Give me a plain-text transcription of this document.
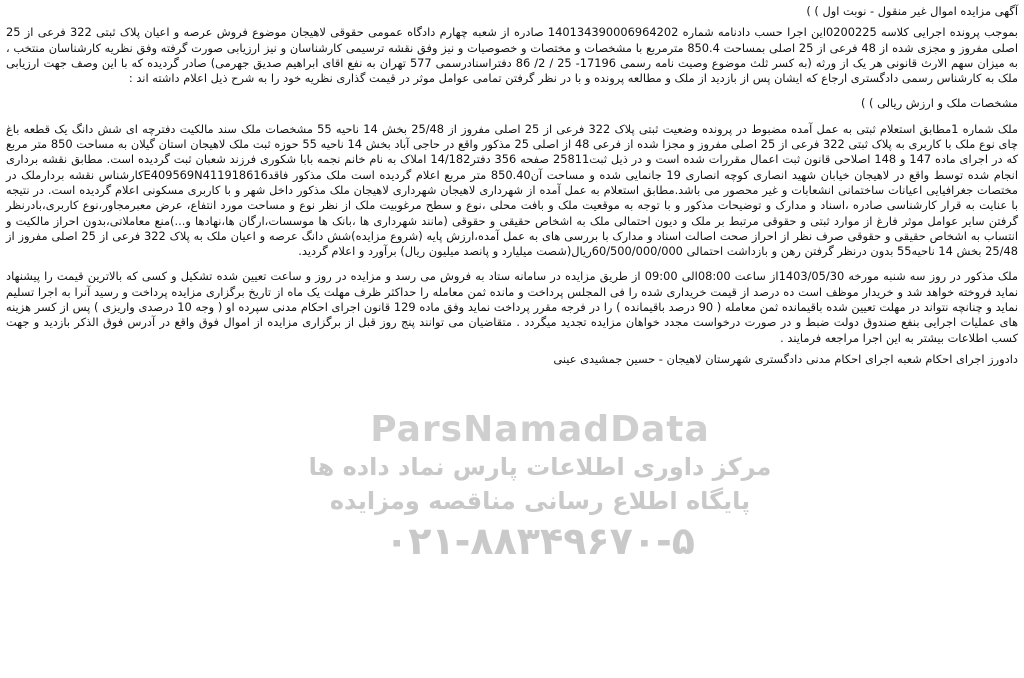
ParsNamadData
مرکز داوری اطلاعات پارس نماد داده ها
پایگاه اطلاع رسانی مناقصه ومزایده
۰۲۱-۸۸۳۴۹۶۷۰-۵

آگهی مزایده اموال غیر منقول - نوبت اول ) )

بموجب پرونده اجرایی کلاسه 0200225این اجرا حسب دادنامه شماره 140134390006964202 صادره از شعبه چهارم دادگاه عمومی حقوقی لاهیجان موضوع فروش عرصه و اعیان پلاک ثبتی 322 فرعی از 25 اصلی مفروز و مجزی شده از 48 فرعی از 25 اصلی بمساحت 850.4 مترمربع با مشخصات و مختصات و خصوصیات و نیز وفق نقشه ترسیمی کارشناسان و نیز ارزیابی صورت گرفته وفق نظریه کارشناسان منتخب ، به میزان سهم الارث قانونی هر یک از ورثه (به کسر ثلث موضوع وصیت نامه رسمی 17196- 25 / 2/ 86 دفتراسنادرسمی 577 تهران به نفع اقای ابراهیم صدیق جهرمی) صادر گردیده که با این وصف جهت ارزیابی ملک به کارشناس رسمی دادگستری ارجاع که ایشان پس از بازدید از ملک و مطالعه پرونده و با در نظر گرفتن تمامی عوامل موثر در قیمت گذاری نظریه خود را به شرح ذیل اعلام داشته اند :

مشخصات ملک و ارزش ریالی ) )

ملک شماره 1مطابق استعلام ثبتی به عمل آمده مضبوط در پرونده وضعیت ثبتی پلاک 322 فرعی از 25 اصلی مفروز از 25/48 بخش 14 ناحیه 55 مشخصات ملک سند مالکیت دفترچه ای شش دانگ یک قطعه باغ چای نوع ملک با کاربری به پلاک ثبتی 322 فرعی از 25 اصلی مفروز و مجزا شده از فرعی 48 از اصلی 25 مذکور واقع در حاجی آباد بخش 14 ناحیه 55 حوزه ثبت ملک لاهیجان استان گیلان به مساحت 850 متر مربع که در اجرای ماده 147 و 148 اصلاحی قانون ثبت اعمال مقررات شده است و در ذیل ثبت25811 صفحه 356 دفتر14/182 املاک به نام خانم نجمه بابا شکوری فرزند شعبان ثبت گردیده است. مطابق نقشه برداری انجام شده توسط واقع در لاهیجان خیابان شهید انصاری کوچه انصاری 19 جانمایی شده و مساحت آن850.40 متر مربع اعلام گردیده است ملک مذکور فاقدE409569N411918616کارشناس نقشه بردارملک در مختصات جغرافیایی اعیانات ساختمانی انشعابات و غیر محصور می باشد.مطابق استعلام به عمل آمده از شهرداری لاهیجان شهرداری لاهیجان ملک مذکور داخل شهر و با کاربری مسکونی اعلام گردیده است. در نتیجه با عنایت به قرار کارشناسی صادره ،اسناد و مدارک و توضیحات مذکور و با توجه به موقعیت ملک و بافت محلی ،نوع و سطح مرغوبیت ملک از نظر نوع و مساحت مورد انتفاع، عرض معبرمجاور،نوع کاربری،بادرنظر گرفتن سایر عوامل موثر فارغ از موارد ثبتی و حقوقی مرتبط بر ملک و دیون احتمالی ملک به اشخاص حقیقی و حقوقی (مانند شهرداری ها ،بانک ها موسسات،ارگان ها،نهادها و...)منع معاملاتی،بدون احراز مالکیت و انتساب به اشخاص حقیقی و حقوقی صرف نظر از احراز صحت اصالت اسناد و مدارک با بررسی های به عمل آمده،ارزش پایه (شروع مزایده)شش دانگ عرصه و اعیان ملک به پلاک 322 فرعی از 25 اصلی مفروز از 25/48 بخش 14 ناحیه55 بدون درنظر گرفتن رهن و بازداشت احتمالی 60/500/000/000ریال(شصت میلیارد و پانصد میلیون ریال) برآورد و اعلام گردید.

ملک مذکور در روز سه شنبه مورخه 1403/05/30از ساعت 08:00الی 09:00 از طریق مزایده در سامانه ستاد به فروش می رسد و مزایده در روز و ساعت تعیین شده تشکیل و کسی که بالاترین قیمت را پیشنهاد نماید فروخته خواهد شد و خریدار موظف است ده درصد از قیمت خریداری شده را فی المجلس پرداخت و مانده ثمن معامله را حداکثر ظرف مهلت یک ماه از تاریخ برگزاری مزایده پرداخت و رسید آنرا به اجرا تسلیم نماید و چنانچه نتواند در مهلت تعیین شده باقیمانده ثمن معامله ( 90 درصد باقیمانده ) را در فرجه مقرر پرداخت نماید وفق ماده 129 قانون اجرای احکام مدنی سپرده او ( وجه 10 درصدی واریزی ) پس از کسر هزینه های عملیات اجرایی بنفع صندوق دولت ضبط و در صورت درخواست مجدد خواهان مزایده تجدید میگردد . متقاضیان می توانند پنج روز قبل از برگزاری مزایده از اموال فوق واقع در آدرس فوق الذکر بازدید و جهت کسب اطلاعات بیشتر به این اجرا مراجعه فرمایند .

دادورز اجرای احکام شعبه اجرای احکام مدنی دادگستری شهرستان لاهیجان - حسین جمشیدی عینی
